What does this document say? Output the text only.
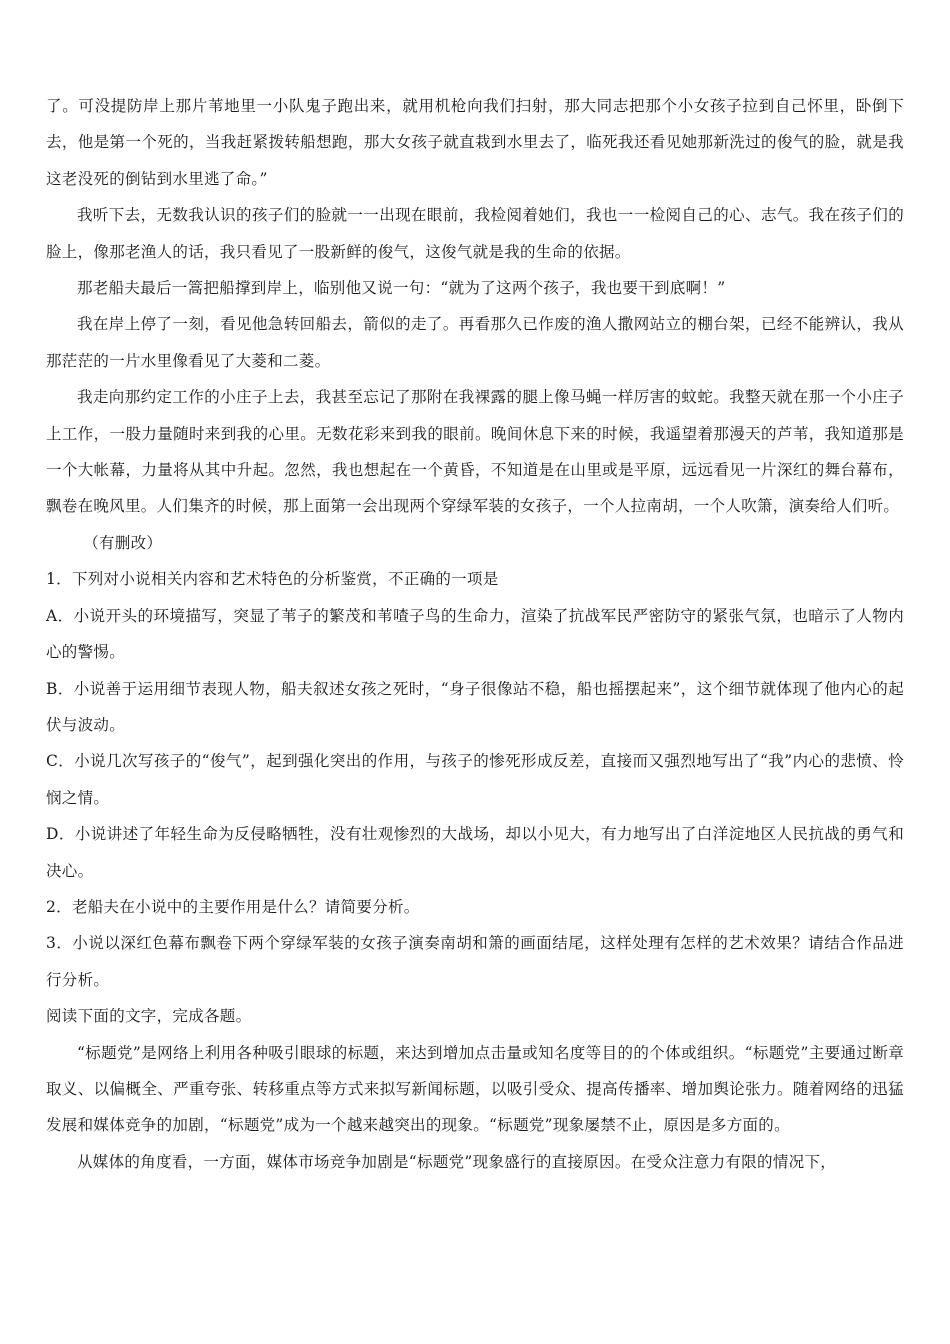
了。可没提防岸上那片苇地里一小队鬼子跑出来，就用机枪向我们扫射，那大同志把那个小女孩子拉到自己怀里，卧倒下去，他是第一个死的，当我赶紧拨转船想跑，那大女孩子就直栽到水里去了，临死我还看见她那新洗过的俊气的脸，就是我这老没死的倒钻到水里逃了命。”

我听下去，无数我认识的孩子们的脸就一一出现在眼前，我检阅着她们，我也一一检阅自己的心、志气。我在孩子们的脸上，像那老渔人的话，我只看见了一股新鲜的俊气，这俊气就是我的生命的依据。

那老船夫最后一篙把船撑到岸上，临别他又说一句：“就为了这两个孩子，我也要干到底啊！”

我在岸上停了一刻，看见他急转回船去，箭似的走了。再看那久已作废的渔人撒网站立的棚台架，已经不能辨认，我从那茫茫的一片水里像看见了大菱和二菱。

我走向那约定工作的小庄子上去，我甚至忘记了那附在我裸露的腿上像马蝇一样厉害的蚊蛇。我整天就在那一个小庄子上工作，一股力量随时来到我的心里。无数花彩来到我的眼前。晚间休息下来的时候，我遥望着那漫天的芦苇，我知道那是一个大帐幕，力量将从其中升起。忽然，我也想起在一个黄昏，不知道是在山里或是平原，远远看见一片深红的舞台幕布，飘卷在晚风里。人们集齐的时候，那上面第一会出现两个穿绿军装的女孩子，一个人拉南胡，一个人吹箫，演奏给人们听。

（有删改）

1．下列对小说相关内容和艺术特色的分析鉴赏，不正确的一项是

A．小说开头的环境描写，突显了苇子的繁茂和苇喳子鸟的生命力，渲染了抗战军民严密防守的紧张气氛，也暗示了人物内心的警惕。

B．小说善于运用细节表现人物，船夫叙述女孩之死时，“身子很像站不稳，船也摇摆起来”，这个细节就体现了他内心的起伏与波动。

C．小说几次写孩子的“俊气”，起到强化突出的作用，与孩子的惨死形成反差，直接而又强烈地写出了“我”内心的悲愤、怜悯之情。

D．小说讲述了年轻生命为反侵略牺牲，没有壮观惨烈的大战场，却以小见大，有力地写出了白洋淀地区人民抗战的勇气和决心。

2．老船夫在小说中的主要作用是什么？请简要分析。

3．小说以深红色幕布飘卷下两个穿绿军装的女孩子演奏南胡和箫的画面结尾，这样处理有怎样的艺术效果？请结合作品进行分析。

阅读下面的文字，完成各题。

“标题党”是网络上利用各种吸引眼球的标题，来达到增加点击量或知名度等目的的个体或组织。“标题党”主要通过断章取义、以偏概全、严重夸张、转移重点等方式来拟写新闻标题，以吸引受众、提高传播率、增加舆论张力。随着网络的迅猛发展和媒体竞争的加剧，“标题党”成为一个越来越突出的现象。“标题党”现象屡禁不止，原因是多方面的。

从媒体的角度看，一方面，媒体市场竞争加剧是“标题党”现象盛行的直接原因。在受众注意力有限的情况下，
